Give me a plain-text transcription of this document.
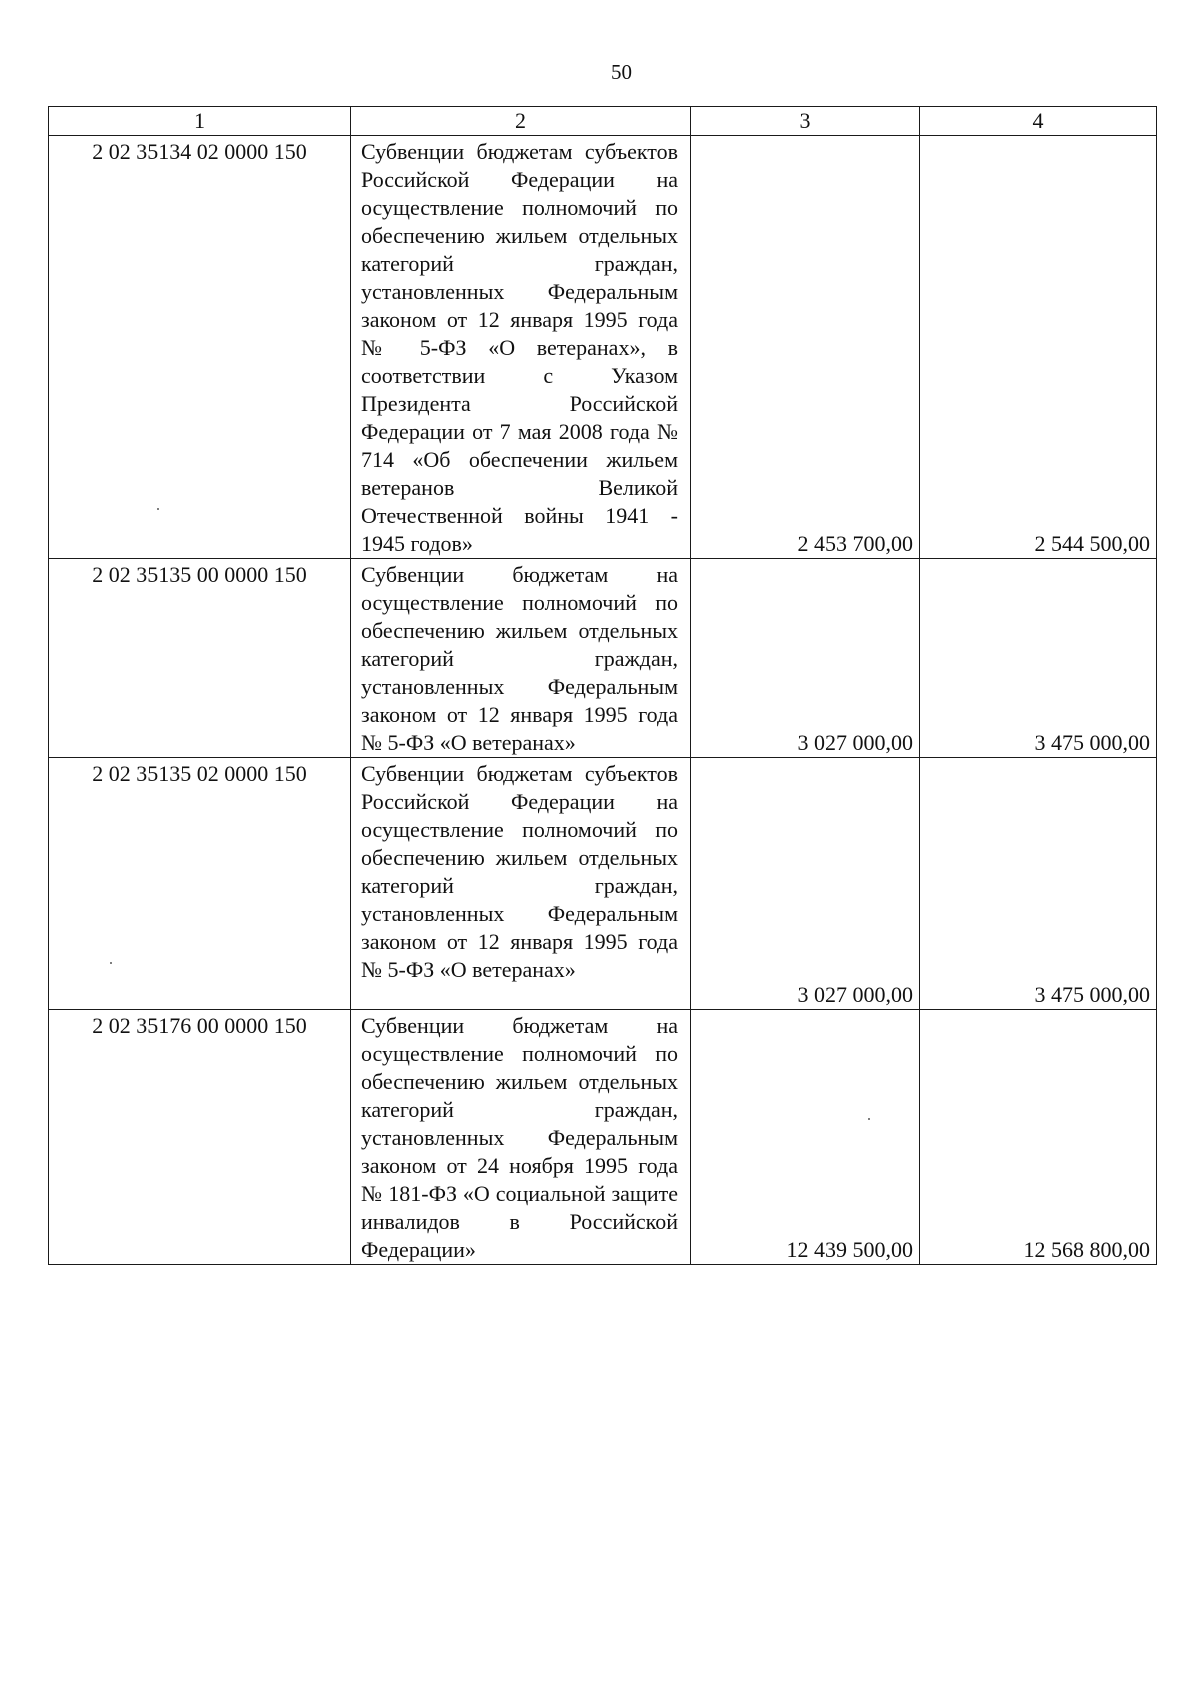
50
1	2	3	4
2 02 35134 02 0000 150	Субвенции бюджетам субъектов Российской Федерации на осуществление полномочий по обеспечению жильем отдельных категорий граждан, установленных Федеральным законом от 12 января 1995 года № 5-ФЗ «О ветеранах», в соответствии с Указом Президента Российской Федерации от 7 мая 2008 года № 714 «Об обеспечении жильем ветеранов Великой Отечественной войны 1941 - 1945 годов»	2 453 700,00	2 544 500,00
2 02 35135 00 0000 150	Субвенции бюджетам на осуществление полномочий по обеспечению жильем отдельных категорий граждан, установленных Федеральным законом от 12 января 1995 года № 5-ФЗ «О ветеранах»	3 027 000,00	3 475 000,00
2 02 35135 02 0000 150	Субвенции бюджетам субъектов Российской Федерации на осуществление полномочий по обеспечению жильем отдельных категорий граждан, установленных Федеральным законом от 12 января 1995 года № 5-ФЗ «О ветеранах»	3 027 000,00	3 475 000,00
2 02 35176 00 0000 150	Субвенции бюджетам на осуществление полномочий по обеспечению жильем отдельных категорий граждан, установленных Федеральным законом от 24 ноября 1995 года № 181-ФЗ «О социальной защите инвалидов в Российской Федерации»	12 439 500,00	12 568 800,00
